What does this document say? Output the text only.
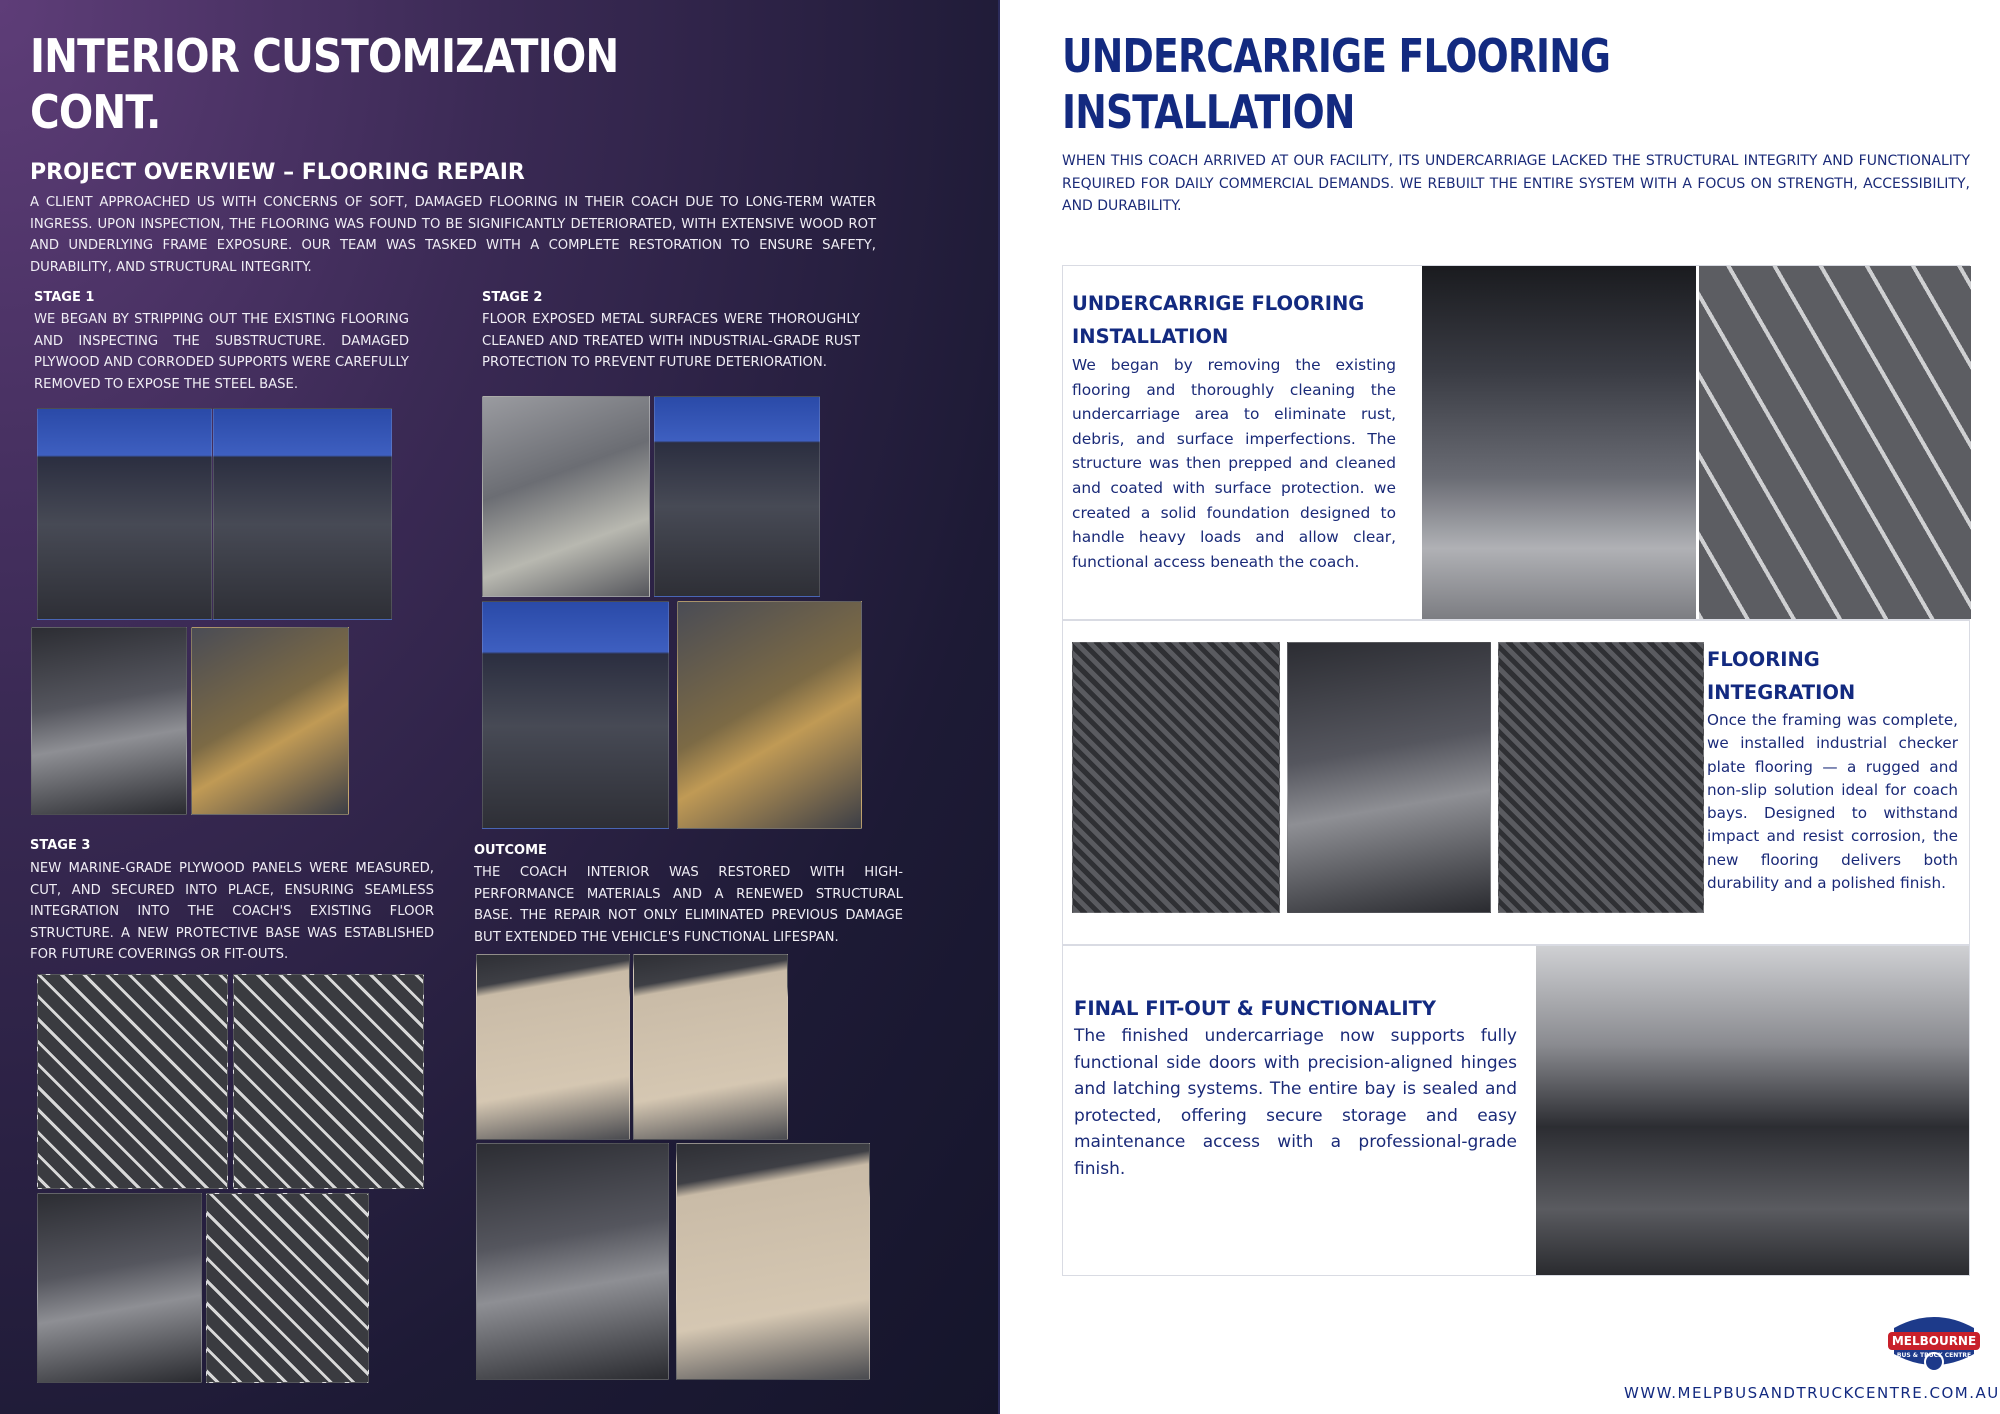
INTERIOR CUSTOMIZATION
CONT.
PROJECT OVERVIEW – FLOORING REPAIR
A CLIENT APPROACHED US WITH CONCERNS OF SOFT, DAMAGED FLOORING IN THEIR COACH DUE TO LONG-TERM WATER INGRESS. UPON INSPECTION, THE FLOORING WAS FOUND TO BE SIGNIFICANTLY DETERIORATED, WITH EXTENSIVE WOOD ROT AND UNDERLYING FRAME EXPOSURE. OUR TEAM WAS TASKED WITH A COMPLETE RESTORATION TO ENSURE SAFETY, DURABILITY, AND STRUCTURAL INTEGRITY.
STAGE 1
WE BEGAN BY STRIPPING OUT THE EXISTING FLOORING AND INSPECTING THE SUBSTRUCTURE. DAMAGED PLYWOOD AND CORRODED SUPPORTS WERE CAREFULLY REMOVED TO EXPOSE THE STEEL BASE.
STAGE 2
FLOOR EXPOSED METAL SURFACES WERE THOROUGHLY CLEANED AND TREATED WITH INDUSTRIAL-GRADE RUST PROTECTION TO PREVENT FUTURE DETERIORATION.
STAGE 3
NEW MARINE-GRADE PLYWOOD PANELS WERE MEASURED, CUT, AND SECURED INTO PLACE, ENSURING SEAMLESS INTEGRATION INTO THE COACH'S EXISTING FLOOR STRUCTURE. A NEW PROTECTIVE BASE WAS ESTABLISHED FOR FUTURE COVERINGS OR FIT-OUTS.
OUTCOME
THE COACH INTERIOR WAS RESTORED WITH HIGH-PERFORMANCE MATERIALS AND A RENEWED STRUCTURAL BASE. THE REPAIR NOT ONLY ELIMINATED PREVIOUS DAMAGE BUT EXTENDED THE VEHICLE'S FUNCTIONAL LIFESPAN.
UNDERCARRIGE FLOORING
INSTALLATION
WHEN THIS COACH ARRIVED AT OUR FACILITY, ITS UNDERCARRIAGE LACKED THE STRUCTURAL INTEGRITY AND FUNCTIONALITY REQUIRED FOR DAILY COMMERCIAL DEMANDS. WE REBUILT THE ENTIRE SYSTEM WITH A FOCUS ON STRENGTH, ACCESSIBILITY, AND DURABILITY.
UNDERCARRIGE FLOORING
INSTALLATION
We began by removing the existing flooring and thoroughly cleaning the undercarriage area to eliminate rust, debris, and surface imperfections. The structure was then prepped and cleaned and coated with surface protection. we created a solid foundation designed to handle heavy loads and allow clear, functional access beneath the coach.
FLOORING
INTEGRATION
Once the framing was complete, we installed industrial checker plate flooring — a rugged and non-slip solution ideal for coach bays. Designed to withstand impact and resist corrosion, the new flooring delivers both durability and a polished finish.
FINAL FIT-OUT & FUNCTIONALITY
The finished undercarriage now supports fully functional side doors with precision-aligned hinges and latching systems. The entire bay is sealed and protected, offering secure storage and easy maintenance access with a professional-grade finish.
MELBOURNE
BUS & TRUCK CENTRE
WWW.MELPBUSANDTRUCKCENTRE.COM.AU
